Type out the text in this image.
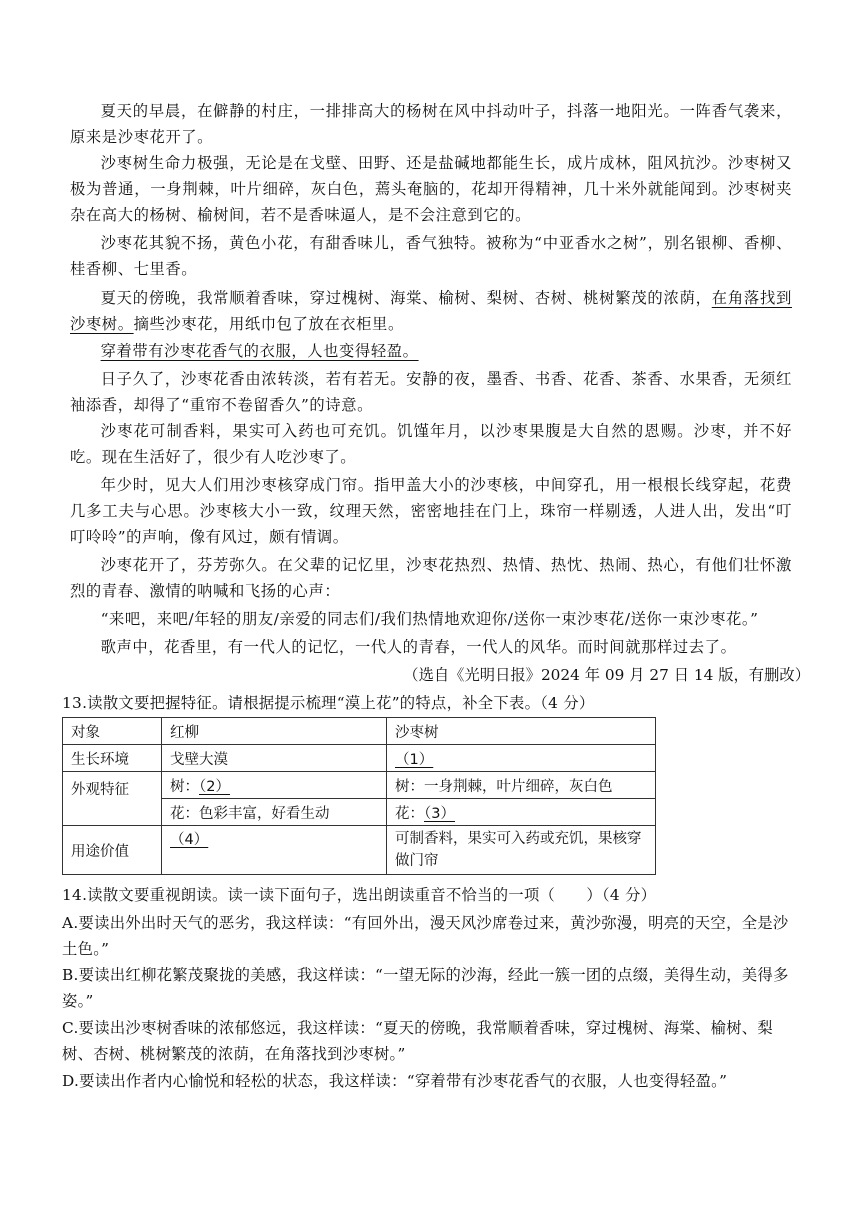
夏天的早晨，在僻静的村庄，一排排高大的杨树在风中抖动叶子，抖落一地阳光。一阵香气袭来，原来是沙枣花开了。

沙枣树生命力极强，无论是在戈壁、田野、还是盐碱地都能生长，成片成林，阻风抗沙。沙枣树又极为普通，一身荆棘，叶片细碎，灰白色，蔫头奄脑的，花却开得精神，几十米外就能闻到。沙枣树夹杂在高大的杨树、榆树间，若不是香味逼人，是不会注意到它的。

沙枣花其貌不扬，黄色小花，有甜香味儿，香气独特。被称为“中亚香水之树”，别名银柳、香柳、桂香柳、七里香。

夏天的傍晚，我常顺着香味，穿过槐树、海棠、榆树、梨树、杏树、桃树繁茂的浓荫，在角落找到沙枣树。摘些沙枣花，用纸巾包了放在衣柜里。

穿着带有沙枣花香气的衣服，人也变得轻盈。

日子久了，沙枣花香由浓转淡，若有若无。安静的夜，墨香、书香、花香、茶香、水果香，无须红袖添香，却得了“重帘不卷留香久”的诗意。

沙枣花可制香料，果实可入药也可充饥。饥馑年月，以沙枣果腹是大自然的恩赐。沙枣，并不好吃。现在生活好了，很少有人吃沙枣了。

年少时，见大人们用沙枣核穿成门帘。指甲盖大小的沙枣核，中间穿孔，用一根根长线穿起，花费几多工夫与心思。沙枣核大小一致，纹理天然，密密地挂在门上，珠帘一样剔透，人进人出，发出“叮叮呤呤”的声响，像有风过，颇有情调。

沙枣花开了，芬芳弥久。在父辈的记忆里，沙枣花热烈、热情、热忱、热闹、热心，有他们壮怀激烈的青春、激情的呐喊和飞扬的心声：

“来吧，来吧/年轻的朋友/亲爱的同志们/我们热情地欢迎你/送你一束沙枣花/送你一束沙枣花。”

歌声中，花香里，有一代人的记忆，一代人的青春，一代人的风华。而时间就那样过去了。

（选自《光明日报》2024 年 09 月 27 日 14 版，有删改）

13.读散文要把握特征。请根据提示梳理“漠上花”的特点，补全下表。（4 分）

对象	红柳	沙枣树
生长环境	戈壁大漠	（1）
外观特征	树：（2）	树：一身荆棘，叶片细碎，灰白色
	花：色彩丰富，好看生动	花：（3）
用途价值	（4）	可制香料，果实可入药或充饥，果核穿做门帘

14.读散文要重视朗读。读一读下面句子，选出朗读重音不恰当的一项（　　）（4 分）

A.要读出外出时天气的恶劣，我这样读：“有回外出，漫天风沙席卷过来，黄沙弥漫，明亮的天空，全是沙土色。”

B.要读出红柳花繁茂聚拢的美感，我这样读：“一望无际的沙海，经此一簇一团的点缀，美得生动，美得多姿。”

C.要读出沙枣树香味的浓郁悠远，我这样读：“夏天的傍晚，我常顺着香味，穿过槐树、海棠、榆树、梨树、杏树、桃树繁茂的浓荫，在角落找到沙枣树。”

D.要读出作者内心愉悦和轻松的状态，我这样读：“穿着带有沙枣花香气的衣服，人也变得轻盈。”
